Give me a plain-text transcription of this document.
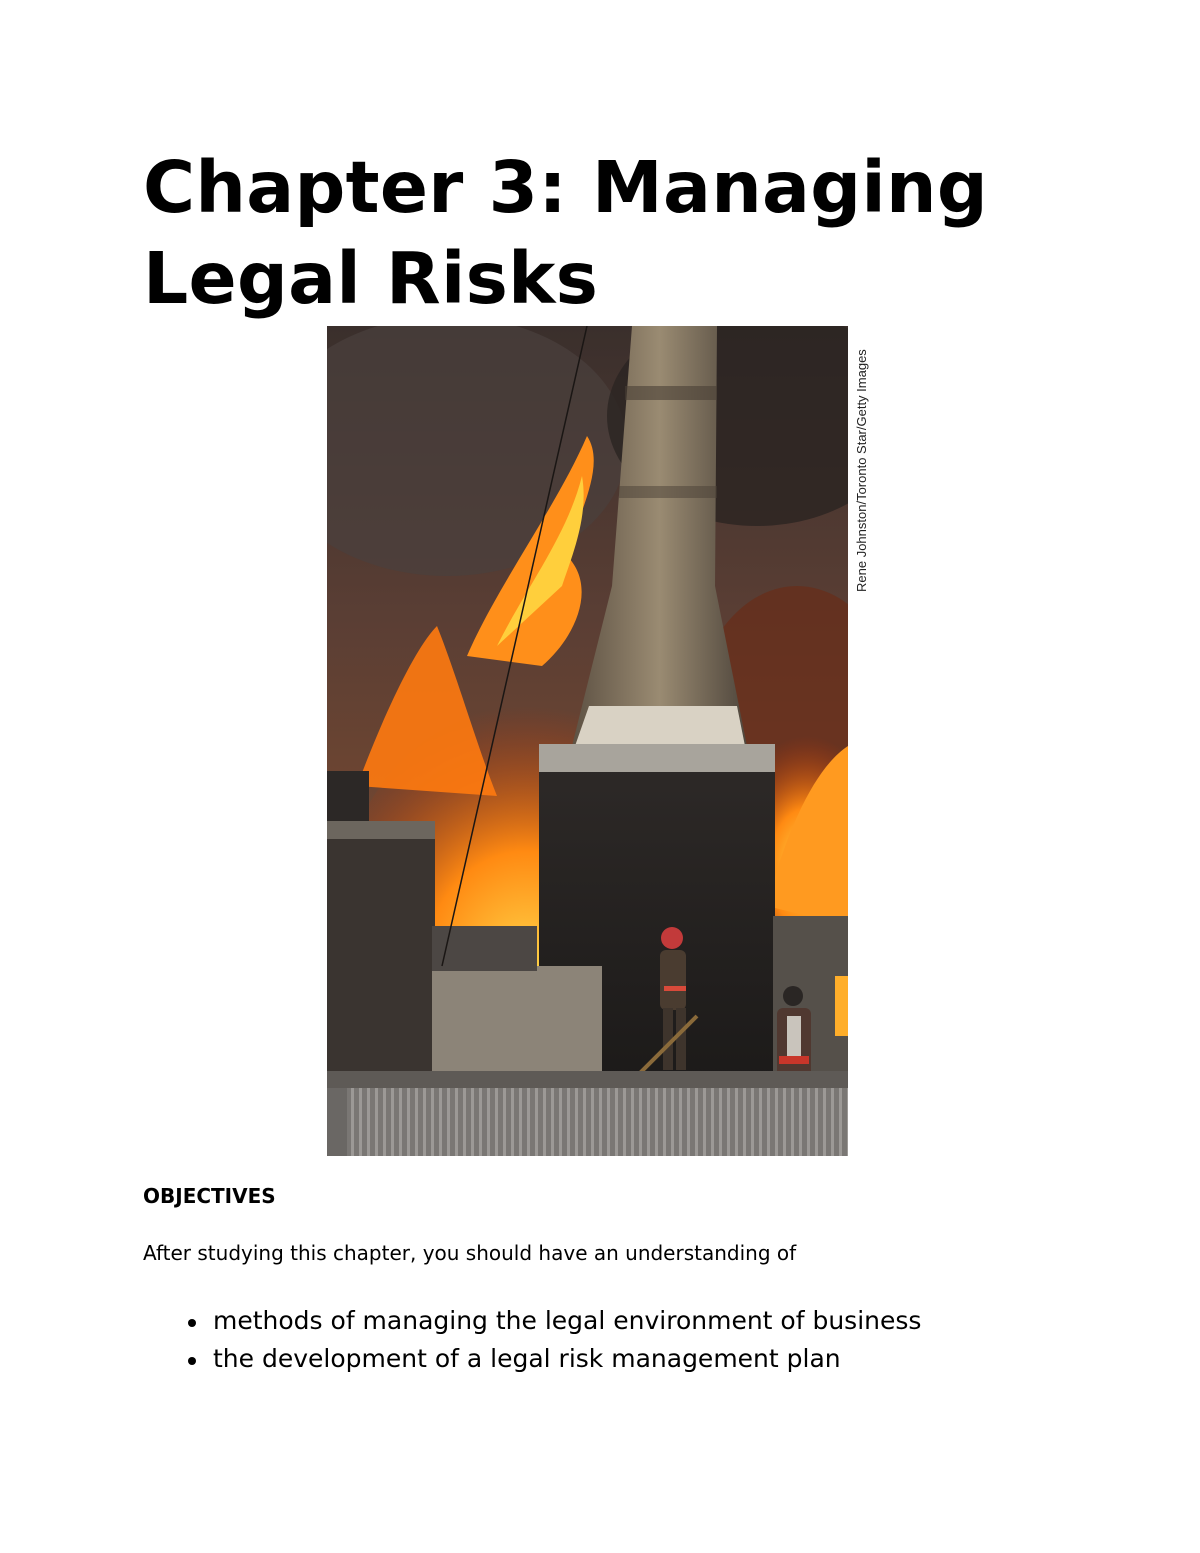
Chapter 3: Managing Legal Risks
Rene Johnston/Toronto Star/Getty Images
OBJECTIVES

After studying this chapter, you should have an understanding of

methods of managing the legal environment of business
the development of a legal risk management plan
